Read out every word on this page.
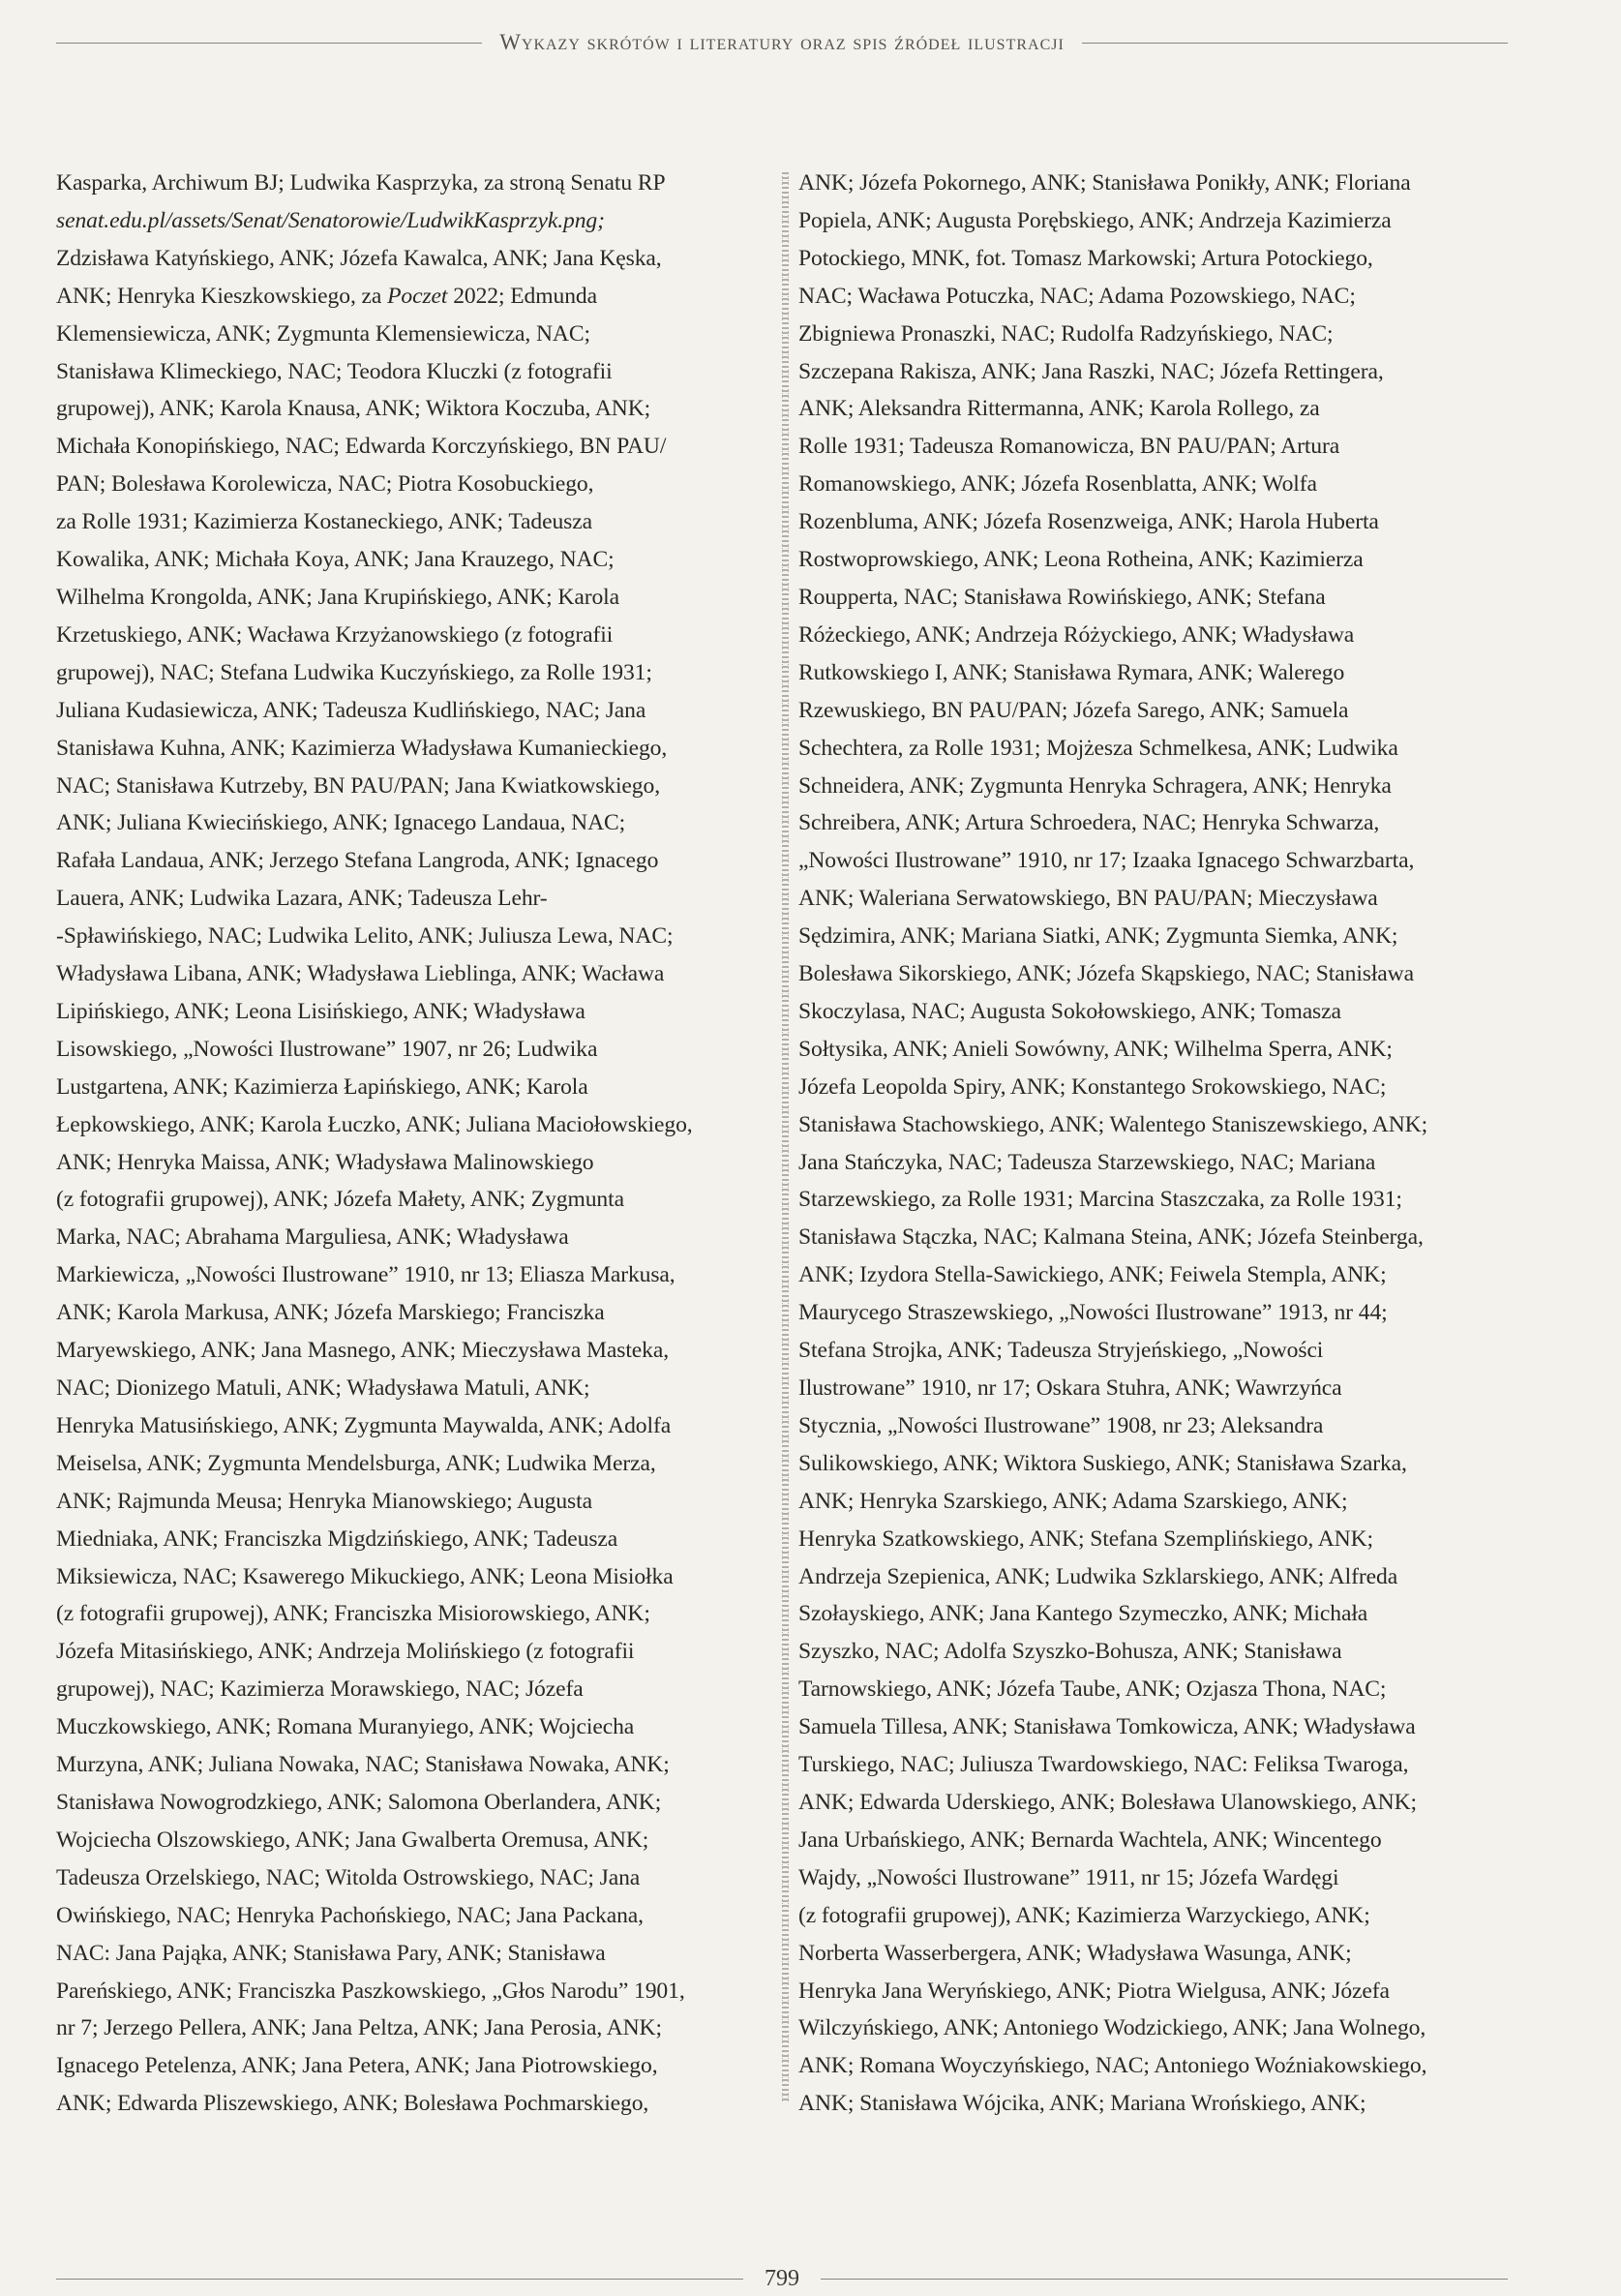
Wykazy skrótów i literatury oraz spis źródeł ilustracji
Kasparka, Archiwum BJ; Ludwika Kasprzyka, za stroną Senatu RP
senat.edu.pl/assets/Senat/Senatorowie/LudwikKasprzyk.png;
Zdzisława Katyńskiego, ANK; Józefa Kawalca, ANK; Jana Kęska,
ANK; Henryka Kieszkowskiego, za Poczet 2022; Edmunda
Klemensiewicza, ANK; Zygmunta Klemensiewicza, NAC;
Stanisława Klimeckiego, NAC; Teodora Kluczki (z fotografii
grupowej), ANK; Karola Knausa, ANK; Wiktora Koczuba, ANK;
Michała Konopińskiego, NAC; Edwarda Korczyńskiego, BN PAU/
PAN; Bolesława Korolewicza, NAC; Piotra Kosobuckiego,
za Rolle 1931; Kazimierza Kostaneckiego, ANK; Tadeusza
Kowalika, ANK; Michała Koya, ANK; Jana Krauzego, NAC;
Wilhelma Krongolda, ANK; Jana Krupińskiego, ANK; Karola
Krzetuskiego, ANK; Wacława Krzyżanowskiego (z fotografii
grupowej), NAC; Stefana Ludwika Kuczyńskiego, za Rolle 1931;
Juliana Kudasiewicza, ANK; Tadeusza Kudlińskiego, NAC; Jana
Stanisława Kuhna, ANK; Kazimierza Władysława Kumanieckiego,
NAC; Stanisława Kutrzeby, BN PAU/PAN; Jana Kwiatkowskiego,
ANK; Juliana Kwiecińskiego, ANK; Ignacego Landaua, NAC;
Rafała Landaua, ANK; Jerzego Stefana Langroda, ANK; Ignacego
Lauera, ANK; Ludwika Lazara, ANK; Tadeusza Lehr-
-Spławińskiego, NAC; Ludwika Lelito, ANK; Juliusza Lewa, NAC;
Władysława Libana, ANK; Władysława Lieblinga, ANK; Wacława
Lipińskiego, ANK; Leona Lisińskiego, ANK; Władysława
Lisowskiego, „Nowości Ilustrowane” 1907, nr 26; Ludwika
Lustgartena, ANK; Kazimierza Łapińskiego, ANK; Karola
Łepkowskiego, ANK; Karola Łuczko, ANK; Juliana Maciołowskiego,
ANK; Henryka Maissa, ANK; Władysława Malinowskiego
(z fotografii grupowej), ANK; Józefa Małety, ANK; Zygmunta
Marka, NAC; Abrahama Marguliesa, ANK; Władysława
Markiewicza, „Nowości Ilustrowane” 1910, nr 13; Eliasza Markusa,
ANK; Karola Markusa, ANK; Józefa Marskiego; Franciszka
Maryewskiego, ANK; Jana Masnego, ANK; Mieczysława Masteka,
NAC; Dionizego Matuli, ANK; Władysława Matuli, ANK;
Henryka Matusińskiego, ANK; Zygmunta Maywalda, ANK; Adolfa
Meiselsa, ANK; Zygmunta Mendelsburga, ANK; Ludwika Merza,
ANK; Rajmunda Meusa; Henryka Mianowskiego; Augusta
Miedniaka, ANK; Franciszka Migdzińskiego, ANK; Tadeusza
Miksiewicza, NAC; Ksawerego Mikuckiego, ANK; Leona Misiołka
(z fotografii grupowej), ANK; Franciszka Misiorowskiego, ANK;
Józefa Mitasińskiego, ANK; Andrzeja Molińskiego (z fotografii
grupowej), NAC; Kazimierza Morawskiego, NAC; Józefa
Muczkowskiego, ANK; Romana Muranyiego, ANK; Wojciecha
Murzyna, ANK; Juliana Nowaka, NAC; Stanisława Nowaka, ANK;
Stanisława Nowogrodzkiego, ANK; Salomona Oberlandera, ANK;
Wojciecha Olszowskiego, ANK; Jana Gwalberta Oremusa, ANK;
Tadeusza Orzelskiego, NAC; Witolda Ostrowskiego, NAC; Jana
Owińskiego, NAC; Henryka Pachońskiego, NAC; Jana Packana,
NAC: Jana Pająka, ANK; Stanisława Pary, ANK; Stanisława
Pareńskiego, ANK; Franciszka Paszkowskiego, „Głos Narodu” 1901,
nr 7; Jerzego Pellera, ANK; Jana Peltza, ANK; Jana Perosia, ANK;
Ignacego Petelenza, ANK; Jana Petera, ANK; Jana Piotrowskiego,
ANK; Edwarda Pliszewskiego, ANK; Bolesława Pochmarskiego,
ANK; Józefa Pokornego, ANK; Stanisława Ponikły, ANK; Floriana
Popiela, ANK; Augusta Porębskiego, ANK; Andrzeja Kazimierza
Potockiego, MNK, fot. Tomasz Markowski; Artura Potockiego,
NAC; Wacława Potuczka, NAC; Adama Pozowskiego, NAC;
Zbigniewa Pronaszki, NAC; Rudolfa Radzyńskiego, NAC;
Szczepana Rakisza, ANK; Jana Raszki, NAC; Józefa Rettingera,
ANK; Aleksandra Rittermanna, ANK; Karola Rollego, za
Rolle 1931; Tadeusza Romanowicza, BN PAU/PAN; Artura
Romanowskiego, ANK; Józefa Rosenblatta, ANK; Wolfa
Rozenbluma, ANK; Józefa Rosenzweiga, ANK; Harola Huberta
Rostwoprowskiego, ANK; Leona Rotheina, ANK; Kazimierza
Roupperta, NAC; Stanisława Rowińskiego, ANK; Stefana
Różeckiego, ANK; Andrzeja Różyckiego, ANK; Władysława
Rutkowskiego I, ANK; Stanisława Rymara, ANK; Walerego
Rzewuskiego, BN PAU/PAN; Józefa Sarego, ANK; Samuela
Schechtera, za Rolle 1931; Mojżesza Schmelkesa, ANK; Ludwika
Schneidera, ANK; Zygmunta Henryka Schragera, ANK; Henryka
Schreibera, ANK; Artura Schroedera, NAC; Henryka Schwarza,
„Nowości Ilustrowane” 1910, nr 17; Izaaka Ignacego Schwarzbarta,
ANK; Waleriana Serwatowskiego, BN PAU/PAN; Mieczysława
Sędzimira, ANK; Mariana Siatki, ANK; Zygmunta Siemka, ANK;
Bolesława Sikorskiego, ANK; Józefa Skąpskiego, NAC; Stanisława
Skoczylasa, NAC; Augusta Sokołowskiego, ANK; Tomasza
Sołtysika, ANK; Anieli Sowówny, ANK; Wilhelma Sperra, ANK;
Józefa Leopolda Spiry, ANK; Konstantego Srokowskiego, NAC;
Stanisława Stachowskiego, ANK; Walentego Staniszewskiego, ANK;
Jana Stańczyka, NAC; Tadeusza Starzewskiego, NAC; Mariana
Starzewskiego, za Rolle 1931; Marcina Staszczaka, za Rolle 1931;
Stanisława Stączka, NAC; Kalmana Steina, ANK; Józefa Steinberga,
ANK; Izydora Stella-Sawickiego, ANK; Feiwela Stempla, ANK;
Maurycego Straszewskiego, „Nowości Ilustrowane” 1913, nr 44;
Stefana Strojka, ANK; Tadeusza Stryjeńskiego, „Nowości
Ilustrowane” 1910, nr 17; Oskara Stuhra, ANK; Wawrzyńca
Stycznia, „Nowości Ilustrowane” 1908, nr 23; Aleksandra
Sulikowskiego, ANK; Wiktora Suskiego, ANK; Stanisława Szarka,
ANK; Henryka Szarskiego, ANK; Adama Szarskiego, ANK;
Henryka Szatkowskiego, ANK; Stefana Szemplińskiego, ANK;
Andrzeja Szepienica, ANK; Ludwika Szklarskiego, ANK; Alfreda
Szołayskiego, ANK; Jana Kantego Szymeczko, ANK; Michała
Szyszko, NAC; Adolfa Szyszko-Bohusza, ANK; Stanisława
Tarnowskiego, ANK; Józefa Taube, ANK; Ozjasza Thona, NAC;
Samuela Tillesa, ANK; Stanisława Tomkowicza, ANK; Władysława
Turskiego, NAC; Juliusza Twardowskiego, NAC: Feliksa Twaroga,
ANK; Edwarda Uderskiego, ANK; Bolesława Ulanowskiego, ANK;
Jana Urbańskiego, ANK; Bernarda Wachtela, ANK; Wincentego
Wajdy, „Nowości Ilustrowane” 1911, nr 15; Józefa Wardęgi
(z fotografii grupowej), ANK; Kazimierza Warzyckiego, ANK;
Norberta Wasserbergera, ANK; Władysława Wasunga, ANK;
Henryka Jana Weryńskiego, ANK; Piotra Wielgusa, ANK; Józefa
Wilczyńskiego, ANK; Antoniego Wodzickiego, ANK; Jana Wolnego,
ANK; Romana Woyczyńskiego, NAC; Antoniego Woźniakowskiego,
ANK; Stanisława Wójcika, ANK; Mariana Wrońskiego, ANK;
799
